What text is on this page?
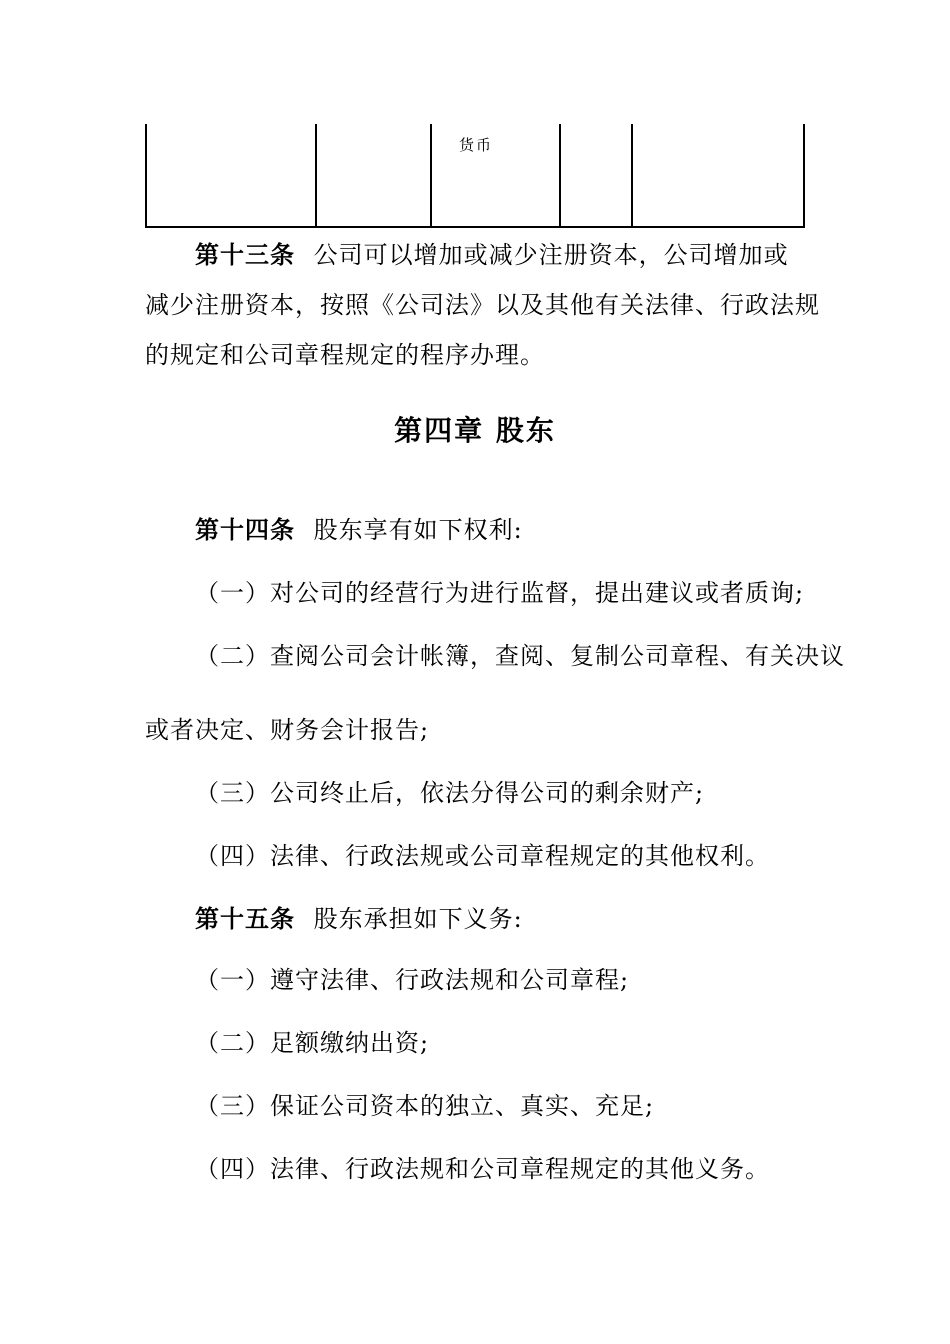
货币
第十三条 公司可以增加或减少注册资本，公司增加或
减少注册资本，按照《公司法》以及其他有关法律、行政法规
的规定和公司章程规定的程序办理。
第四章 股东
第十四条 股东享有如下权利:
（一）对公司的经营行为进行监督，提出建议或者质询;
（二）查阅公司会计帐簿，查阅、复制公司章程、有关决议
或者决定、财务会计报告;
（三）公司终止后，依法分得公司的剩余财产;
（四）法律、行政法规或公司章程规定的其他权利。
第十五条 股东承担如下义务:
（一）遵守法律、行政法规和公司章程;
（二）足额缴纳出资;
（三）保证公司资本的独立、真实、充足;
（四）法律、行政法规和公司章程规定的其他义务。
